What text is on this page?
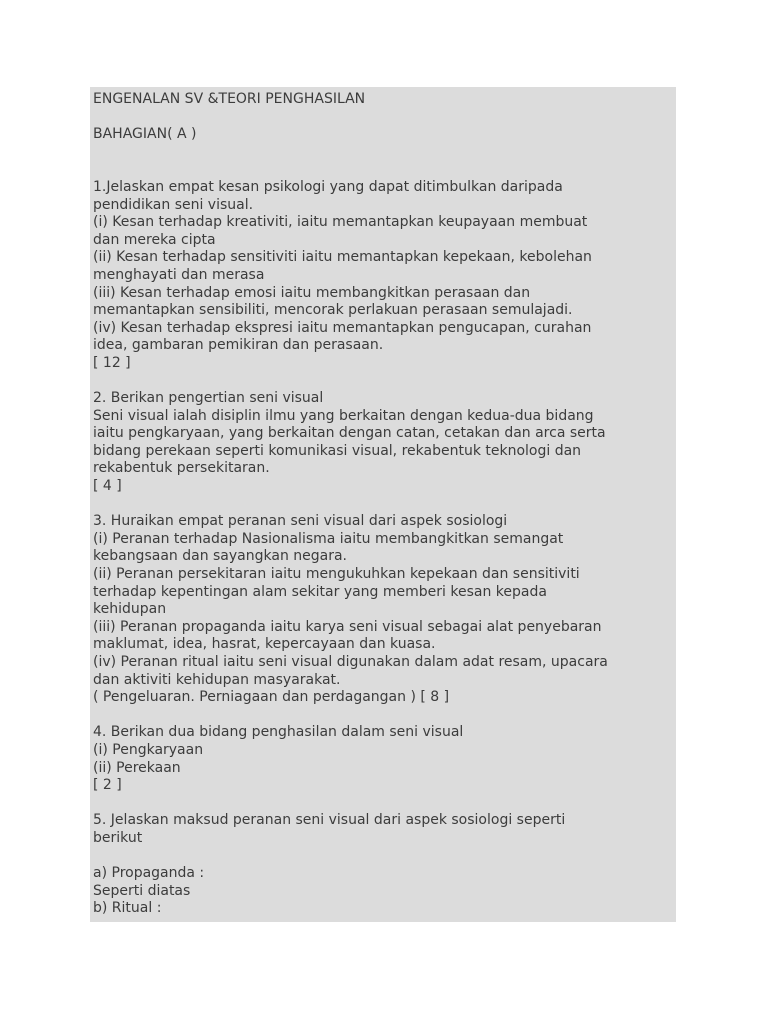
ENGENALAN SV &TEORI PENGHASILAN
BAHAGIAN( A )
1.Jelaskan empat kesan psikologi yang dapat ditimbulkan daripada
pendidikan seni visual.
(i) Kesan terhadap kreativiti, iaitu memantapkan keupayaan membuat
dan mereka cipta
(ii) Kesan terhadap sensitiviti iaitu memantapkan kepekaan, kebolehan
menghayati dan merasa
(iii) Kesan terhadap emosi iaitu membangkitkan perasaan dan
memantapkan sensibiliti, mencorak perlakuan perasaan semulajadi.
(iv) Kesan terhadap ekspresi iaitu memantapkan pengucapan, curahan
idea, gambaran pemikiran dan perasaan.
[ 12 ]
2. Berikan pengertian seni visual
Seni visual ialah disiplin ilmu yang berkaitan dengan kedua-dua bidang
iaitu pengkaryaan, yang berkaitan dengan catan, cetakan dan arca serta
bidang perekaan seperti komunikasi visual, rekabentuk teknologi dan
rekabentuk persekitaran.
[ 4 ]
3. Huraikan empat peranan seni visual dari aspek sosiologi
(i) Peranan terhadap Nasionalisma iaitu membangkitkan semangat
kebangsaan dan sayangkan negara.
(ii) Peranan persekitaran iaitu mengukuhkan kepekaan dan sensitiviti
terhadap kepentingan alam sekitar yang memberi kesan kepada
kehidupan
(iii) Peranan propaganda iaitu karya seni visual sebagai alat penyebaran
maklumat, idea, hasrat, kepercayaan dan kuasa.
(iv) Peranan ritual iaitu seni visual digunakan dalam adat resam, upacara
dan aktiviti kehidupan masyarakat.
( Pengeluaran. Perniagaan dan perdagangan ) [ 8 ]
4. Berikan dua bidang penghasilan dalam seni visual
(i) Pengkaryaan
(ii) Perekaan
[ 2 ]
5. Jelaskan maksud peranan seni visual dari aspek sosiologi seperti
berikut
a) Propaganda :
Seperti diatas
b) Ritual :
